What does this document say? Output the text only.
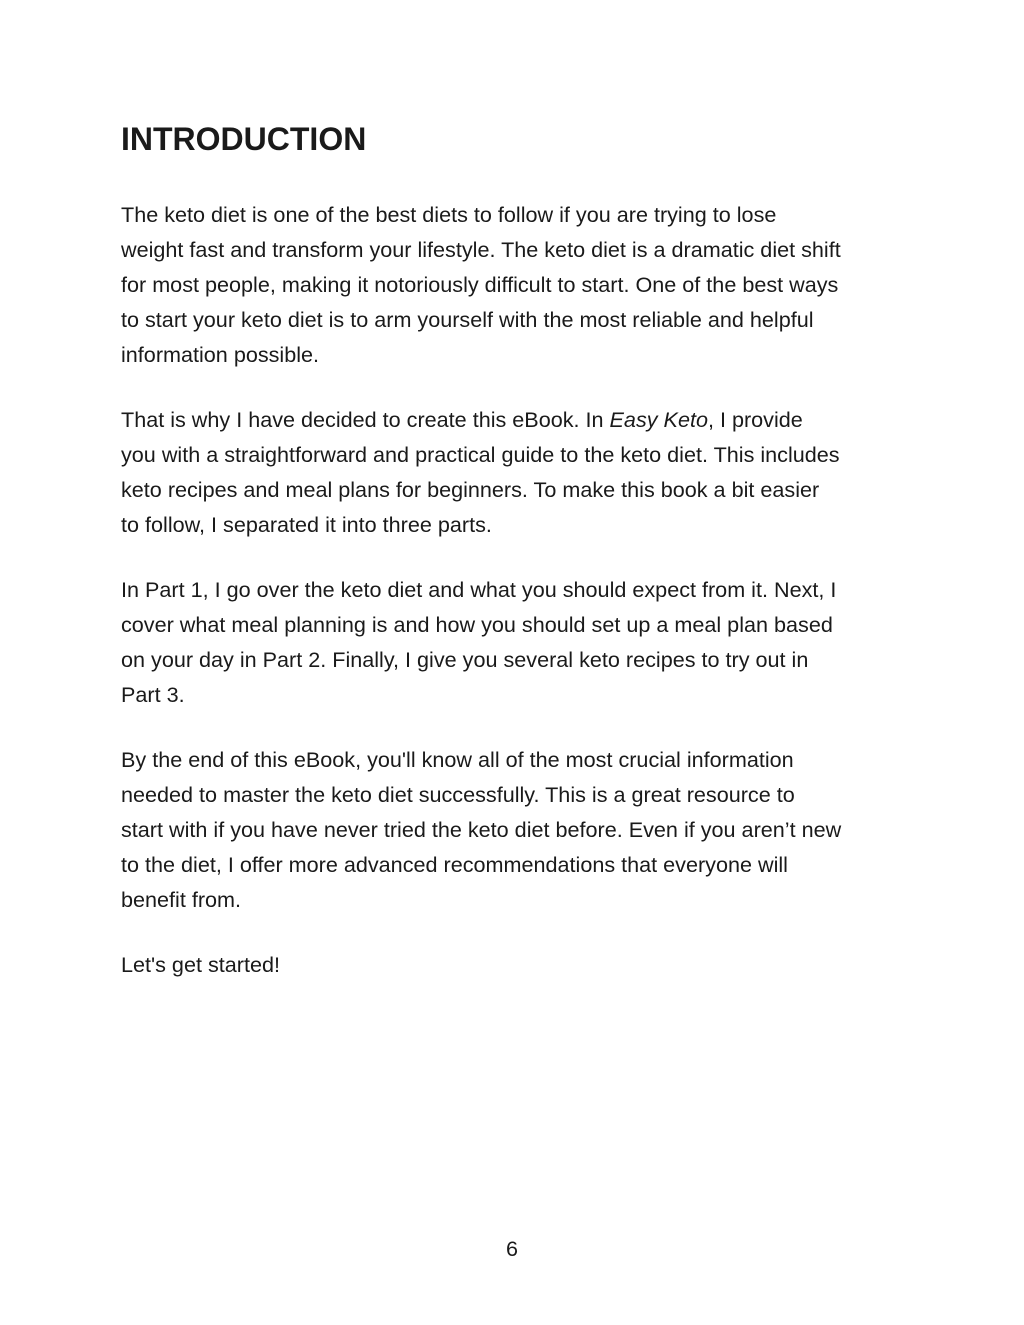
INTRODUCTION

The keto diet is one of the best diets to follow if you are trying to lose
weight fast and transform your lifestyle. The keto diet is a dramatic diet shift
for most people, making it notoriously difficult to start. One of the best ways
to start your keto diet is to arm yourself with the most reliable and helpful
information possible.

That is why I have decided to create this eBook. In Easy Keto, I provide
you with a straightforward and practical guide to the keto diet. This includes
keto recipes and meal plans for beginners. To make this book a bit easier
to follow, I separated it into three parts.

In Part 1, I go over the keto diet and what you should expect from it. Next, I
cover what meal planning is and how you should set up a meal plan based
on your day in Part 2. Finally, I give you several keto recipes to try out in
Part 3.

By the end of this eBook, you'll know all of the most crucial information
needed to master the keto diet successfully. This is a great resource to
start with if you have never tried the keto diet before. Even if you aren’t new
to the diet, I offer more advanced recommendations that everyone will
benefit from.

Let's get started!

6
